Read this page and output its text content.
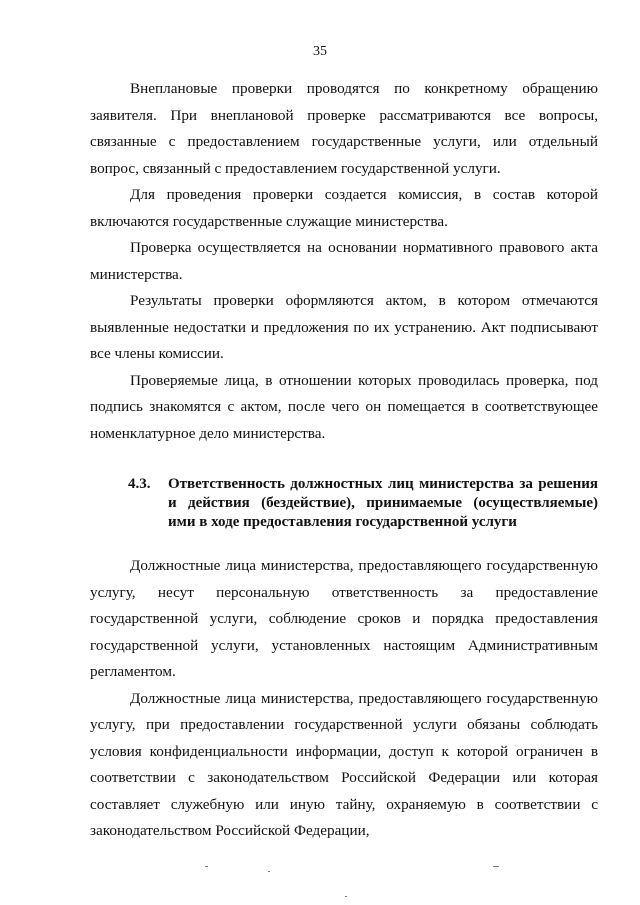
35

Внеплановые проверки проводятся по конкретному обращению заявителя. При внеплановой проверке рассматриваются все вопросы, связанные с предоставлением государственные услуги, или отдельный вопрос, связанный с предоставлением государственной услуги.

Для проведения проверки создается комиссия, в состав которой включаются государственные служащие министерства.

Проверка осуществляется на основании нормативного правового акта министерства.

Результаты проверки оформляются актом, в котором отмечаются выявленные недостатки и предложения по их устранению. Акт подписывают все члены комиссии.

Проверяемые лица, в отношении которых проводилась проверка, под подпись знакомятся с актом, после чего он помещается в соответствующее номенклатурное дело министерства.

4.3.	Ответственность должностных лиц министерства за решения и действия (бездействие), принимаемые (осуществляемые) ими в ходе предоставления государственной услуги

Должностные лица министерства, предоставляющего государственную услугу, несут персональную ответственность за предоставление государственной услуги, соблюдение сроков и порядка предоставления государственной услуги, установленных настоящим Административным регламентом.

Должностные лица министерства, предоставляющего государственную услугу, при предоставлении государственной услуги обязаны соблюдать условия конфиденциальности информации, доступ к которой ограничен в соответствии с законодательством Российской Федерации или которая составляет служебную или иную тайну, охраняемую в соответствии с законодательством Российской Федерации,
